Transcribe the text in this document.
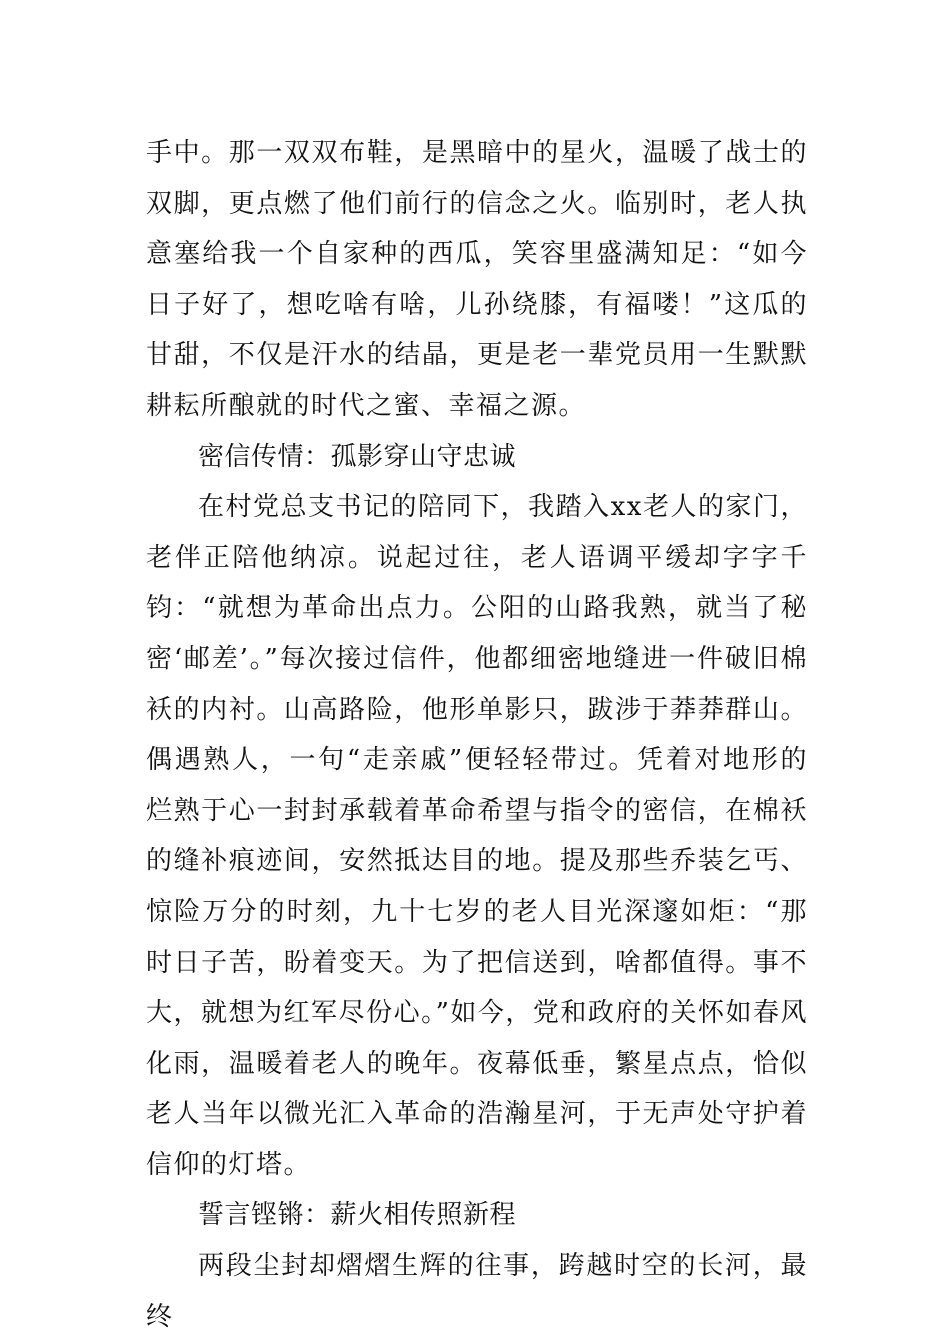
手中。那一双双布鞋，是黑暗中的星火，温暖了战士的双脚，更点燃了他们前行的信念之火。临别时，老人执意塞给我一个自家种的西瓜，笑容里盛满知足：“如今日子好了，想吃啥有啥，儿孙绕膝，有福喽！”这瓜的甘甜，不仅是汗水的结晶，更是老一辈党员用一生默默耕耘所酿就的时代之蜜、幸福之源。

密信传情：孤影穿山守忠诚

在村党总支书记的陪同下，我踏入xx老人的家门，老伴正陪他纳凉。说起过往，老人语调平缓却字字千钧：“就想为革命出点力。公阳的山路我熟，就当了秘密‘邮差’。”每次接过信件，他都细密地缝进一件破旧棉袄的内衬。山高路险，他形单影只，跋涉于莽莽群山。偶遇熟人，一句“走亲戚”便轻轻带过。凭着对地形的烂熟于心一封封承载着革命希望与指令的密信，在棉袄的缝补痕迹间，安然抵达目的地。提及那些乔装乞丐、惊险万分的时刻，九十七岁的老人目光深邃如炬：“那时日子苦，盼着变天。为了把信送到，啥都值得。事不大，就想为红军尽份心。”如今，党和政府的关怀如春风化雨，温暖着老人的晚年。夜幕低垂，繁星点点，恰似老人当年以微光汇入革命的浩瀚星河，于无声处守护着信仰的灯塔。

誓言铿锵：薪火相传照新程

两段尘封却熠熠生辉的往事，跨越时空的长河，最终
